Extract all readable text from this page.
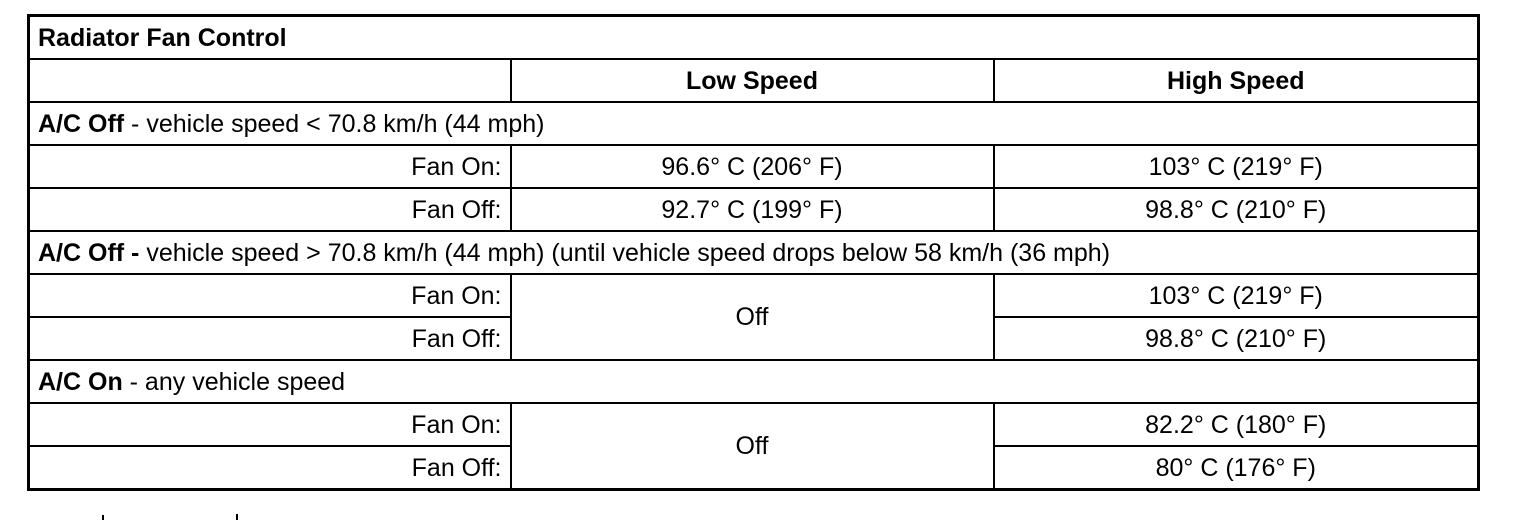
Radiator Fan Control		
	Low Speed	High Speed
A/C Off - vehicle speed < 70.8 km/h (44 mph)		
Fan On:	96.6° C (206° F)	103° C (219° F)
Fan Off:	92.7° C (199° F)	98.8° C (210° F)
A/C Off - vehicle speed > 70.8 km/h (44 mph) (until vehicle speed drops below 58 km/h (36 mph)		
Fan On:	Off	103° C (219° F)
Fan Off:		98.8° C (210° F)
A/C On - any vehicle speed		
Fan On:	Off	82.2° C (180° F)
Fan Off:		80° C (176° F)
